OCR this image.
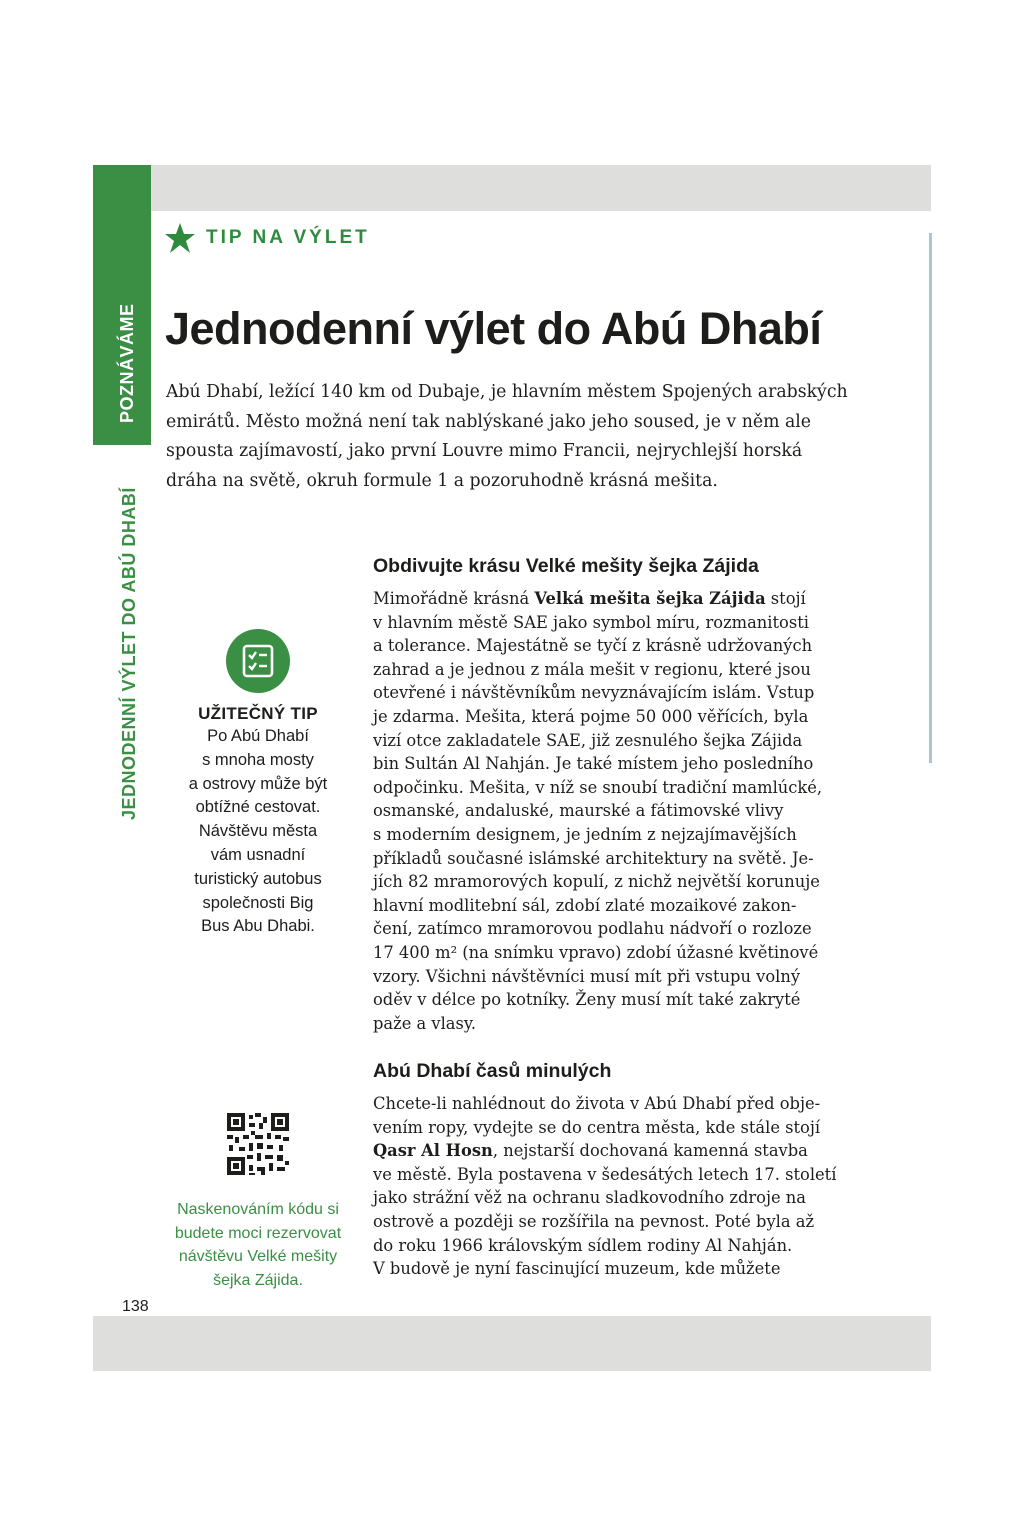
POZNÁVÁME
JEDNODENNÍ VÝLET DO ABÚ DHABÍ
TIP NA VÝLET
Jednodenní výlet do Abú Dhabí
Abú Dhabí, ležící 140 km od Dubaje, je hlavním městem Spojených arabských
emirátů. Město možná není tak nablýskané jako jeho soused, je v něm ale
spousta zajímavostí, jako první Louvre mimo Francii, nejrychlejší horská
dráha na světě, okruh formule 1 a pozoruhodně krásná mešita.
Obdivujte krásu Velké mešity šejka Zájida
Mimořádně krásná Velká mešita šejka Zájida stojí
v hlavním městě SAE jako symbol míru, rozmanitosti
a tolerance. Majestátně se tyčí z krásně udržovaných
zahrad a je jednou z mála mešit v regionu, které jsou
otevřené i návštěvníkům nevyznávajícím islám. Vstup
je zdarma. Mešita, která pojme 50 000 věřících, byla
vizí otce zakladatele SAE, již zesnulého šejka Zájida
bin Sultán Al Nahján. Je také místem jeho posledního
odpočinku. Mešita, v níž se snoubí tradiční mamlúcké,
osmanské, andaluské, maurské a fátimovské vlivy
s moderním designem, je jedním z nejzajímavějších
příkladů současné islámské architektury na světě. Je-
jích 82 mramorových kopulí, z nichž největší korunuje
hlavní modlitební sál, zdobí zlaté mozaikové zakon-
čení, zatímco mramorovou podlahu nádvoří o rozloze
17 400 m² (na snímku vpravo) zdobí úžasné květinové
vzory. Všichni návštěvníci musí mít při vstupu volný
oděv v délce po kotníky. Ženy musí mít také zakryté
paže a vlasy.
Abú Dhabí časů minulých
Chcete-li nahlédnout do života v Abú Dhabí před obje-
vením ropy, vydejte se do centra města, kde stále stojí
Qasr Al Hosn, nejstarší dochovaná kamenná stavba
ve městě. Byla postavena v šedesátých letech 17. století
jako strážní věž na ochranu sladkovodního zdroje na
ostrově a později se rozšířila na pevnost. Poté byla až
do roku 1966 královským sídlem rodiny Al Nahján.
V budově je nyní fascinující muzeum, kde můžete
UŽITEČNÝ TIP
Po Abú Dhabí
s mnoha mosty
a ostrovy může být
obtížné cestovat.
Návštěvu města
vám usnadní
turistický autobus
společnosti Big
Bus Abu Dhabi.
Naskenováním kódu si
budete moci rezervovat
návštěvu Velké mešity
šejka Zájida.
138
